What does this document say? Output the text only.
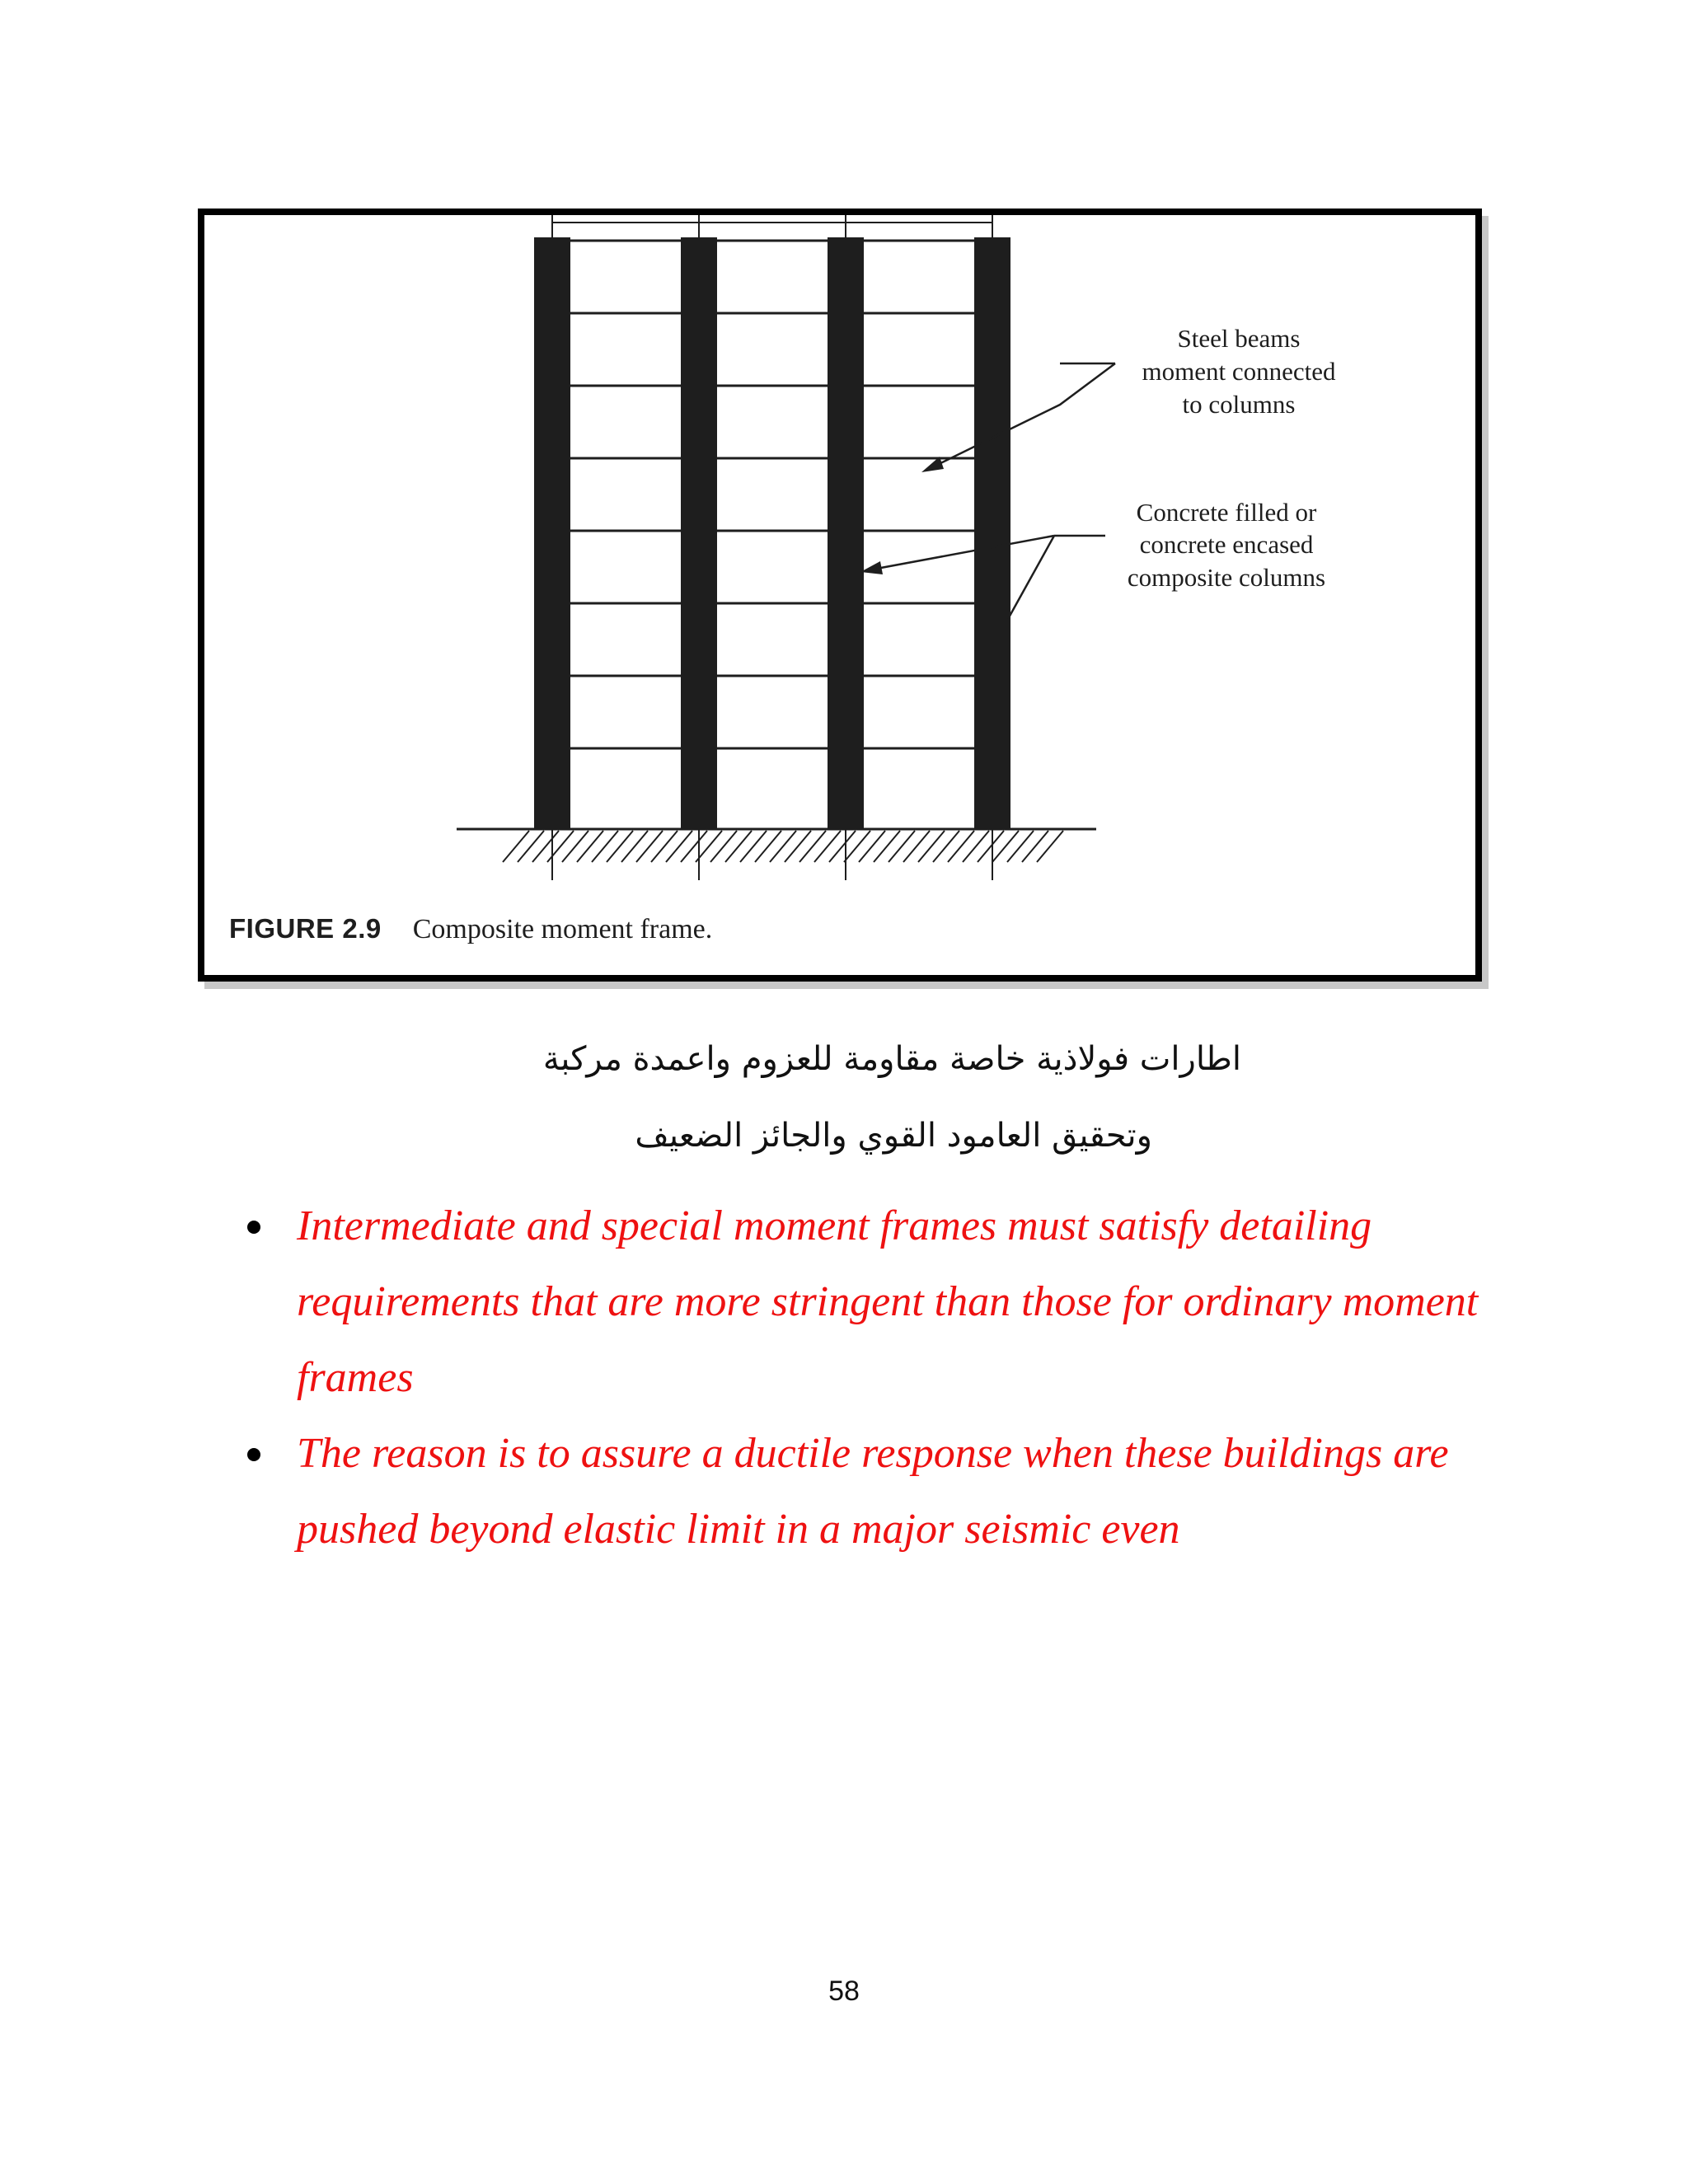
Steel beams
moment connected
to columns
Concrete filled or
concrete encased
composite columns
FIGURE 2.9 Composite moment frame.
اطارات فولاذية خاصة مقاومة للعزوم واعمدة مركبة
وتحقيق العامود القوي والجائز الضعيف
Intermediate and special moment frames must satisfy detailing
requirements that are more stringent than those for ordinary moment
frames
The reason is to assure a ductile response when these buildings are
pushed beyond elastic limit in a major seismic even
58
